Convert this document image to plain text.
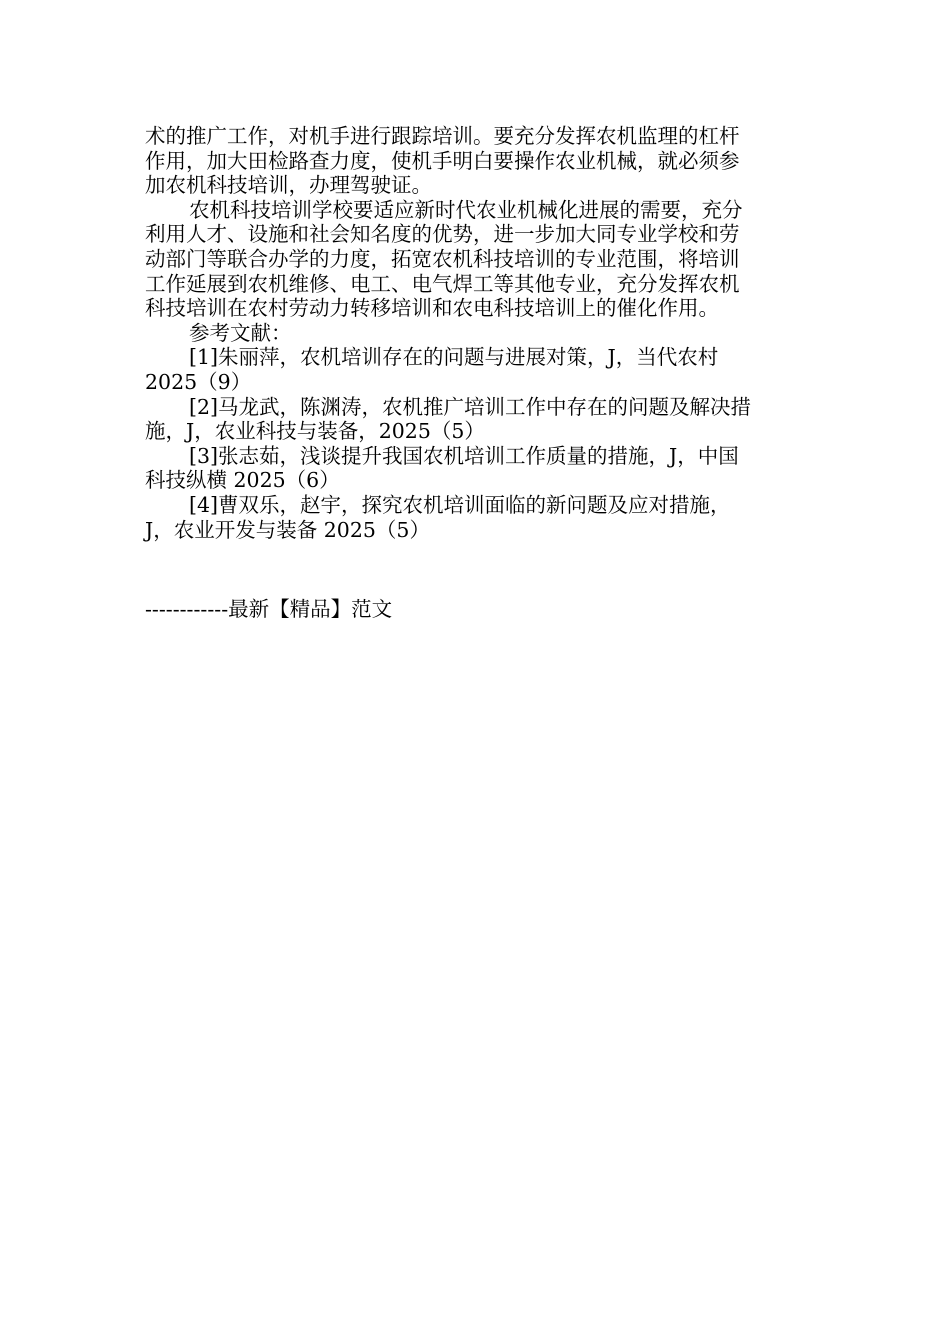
术的推广工作，对机手进行跟踪培训。要充分发挥农机监理的杠杆

作用，加大田检路查力度，使机手明白要操作农业机械，就必须参

加农机科技培训，办理驾驶证。

农机科技培训学校要适应新时代农业机械化进展的需要，充分

利用人才、设施和社会知名度的优势，进一步加大同专业学校和劳

动部门等联合办学的力度，拓宽农机科技培训的专业范围，将培训

工作延展到农机维修、电工、电气焊工等其他专业，充分发挥农机

科技培训在农村劳动力转移培训和农电科技培训上的催化作用。

参考文献：

[1]朱丽萍，农机培训存在的问题与进展对策，J，当代农村

2025（9）

[2]马龙武，陈渊涛，农机推广培训工作中存在的问题及解决措

施，J，农业科技与装备，2025（5）

[3]张志茹，浅谈提升我国农机培训工作质量的措施，J，中国

科技纵横 2025（6）

[4]曹双乐，赵宇，探究农机培训面临的新问题及应对措施，

J，农业开发与装备 2025（5）

------------最新【精品】范文
